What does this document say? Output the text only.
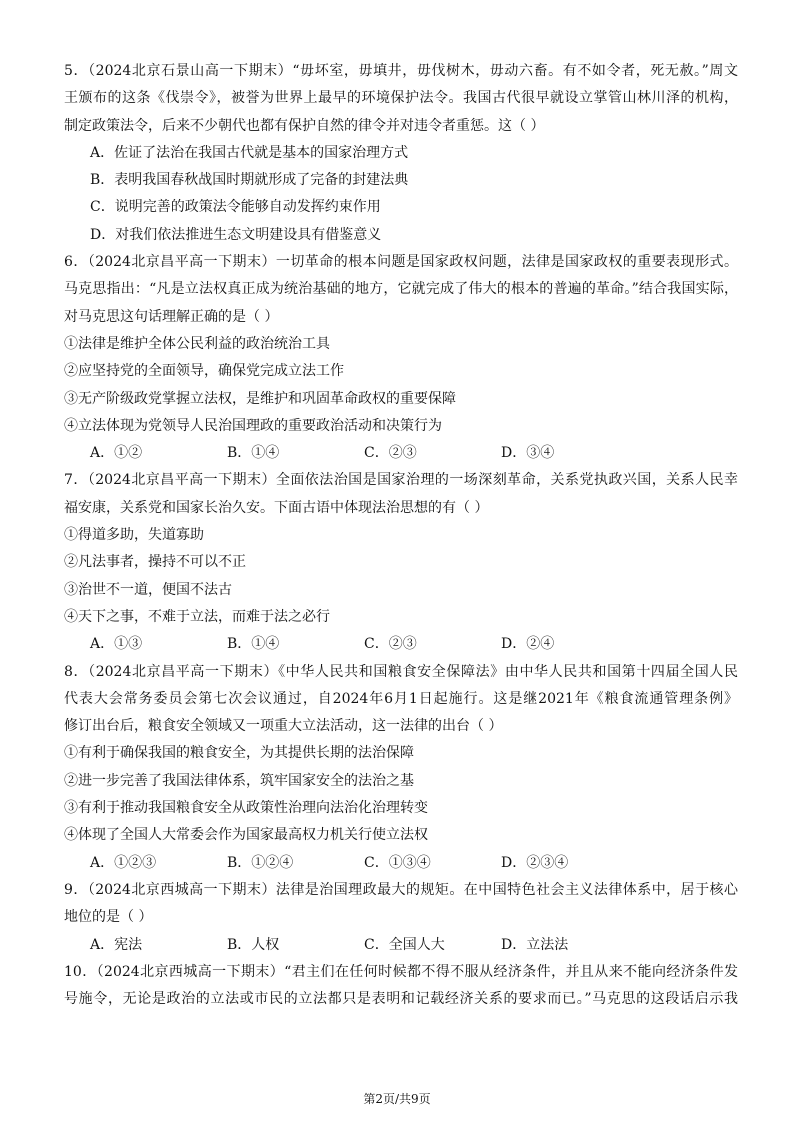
5．（2024北京石景山高一下期末）“毋坏室，毋填井，毋伐树木，毋动六畜。有不如令者，死无赦。”周文
王颁布的这条《伐崇令》，被誉为世界上最早的环境保护法令。我国古代很早就设立掌管山林川泽的机构，
制定政策法令，后来不少朝代也都有保护自然的律令并对违令者重惩。这（ ）
A．佐证了法治在我国古代就是基本的国家治理方式
B．表明我国春秋战国时期就形成了完备的封建法典
C．说明完善的政策法令能够自动发挥约束作用
D．对我们依法推进生态文明建设具有借鉴意义
6．（2024北京昌平高一下期末）一切革命的根本问题是国家政权问题，法律是国家政权的重要表现形式。
马克思指出：“凡是立法权真正成为统治基础的地方，它就完成了伟大的根本的普遍的革命。”结合我国实际，
对马克思这句话理解正确的是（ ）
①法律是维护全体公民利益的政治统治工具
②应坚持党的全面领导，确保党完成立法工作
③无产阶级政党掌握立法权，是维护和巩固革命政权的重要保障
④立法体现为党领导人民治国理政的重要政治活动和决策行为
A．①②	B．①④	C．②③	D．③④
7．（2024北京昌平高一下期末）全面依法治国是国家治理的一场深刻革命，关系党执政兴国，关系人民幸
福安康，关系党和国家长治久安。下面古语中体现法治思想的有（ ）
①得道多助，失道寡助
②凡法事者，操持不可以不正
③治世不一道，便国不法古
④天下之事，不难于立法，而难于法之必行
A．①③	B．①④	C．②③	D．②④
8．（2024北京昌平高一下期末）《中华人民共和国粮食安全保障法》由中华人民共和国第十四届全国人民
代表大会常务委员会第七次会议通过，自2024年6月1日起施行。这是继2021年《粮食流通管理条例》
修订出台后，粮食安全领域又一项重大立法活动，这一法律的出台（ ）
①有利于确保我国的粮食安全，为其提供长期的法治保障
②进一步完善了我国法律体系，筑牢国家安全的法治之基
③有利于推动我国粮食安全从政策性治理向法治化治理转变
④体现了全国人大常委会作为国家最高权力机关行使立法权
A．①②③	B．①②④	C．①③④	D．②③④
9．（2024北京西城高一下期末）法律是治国理政最大的规矩。在中国特色社会主义法律体系中，居于核心
地位的是（ ）
A．宪法	B．人权	C．全国人大	D．立法法
10．（2024北京西城高一下期末）“君主们在任何时候都不得不服从经济条件，并且从来不能向经济条件发
号施令，无论是政治的立法或市民的立法都只是表明和记载经济关系的要求而已。”马克思的这段话启示我
第2页/共9页
